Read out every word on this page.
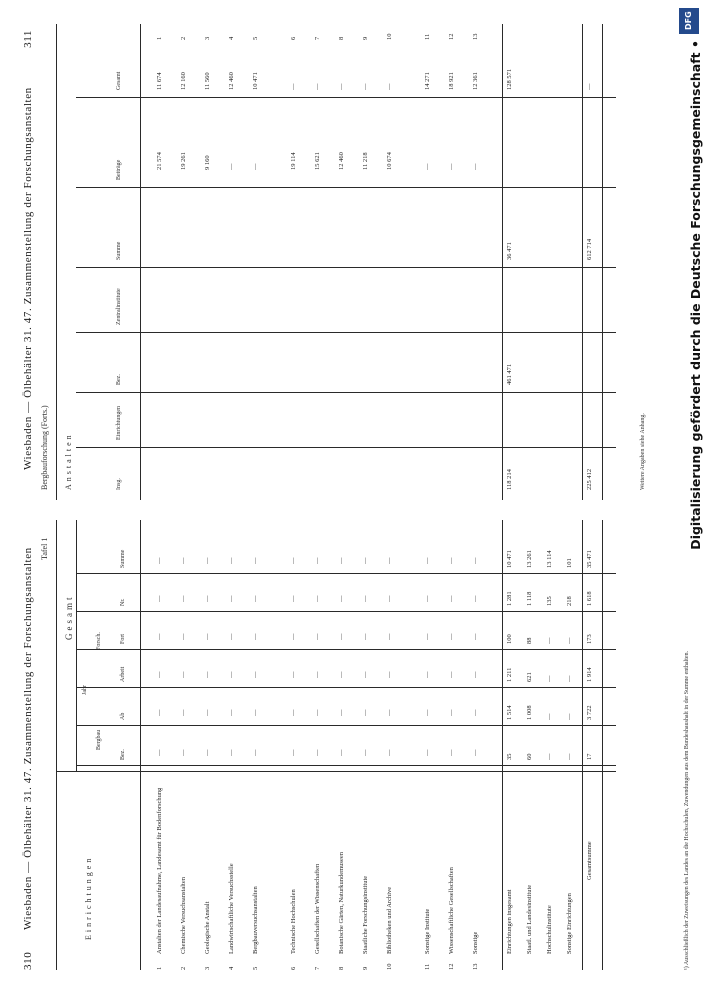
310
Wiesbaden — Ölbehälter 31. 47. Zusammenstellung der Forschungsanstalten Tafel 1
Einrichtungen
Gesamt
Jahr
Bergbau
Forsch.
Bez.
Ab
Arbeit
Fort
Nr.
Summe
1
Anstalten der Landesaufnahme, Landesamt für Bodenforschung
—
—
—
—
—
—
2
Chemische Versuchsanstalten
—
—
—
—
—
—
3
Geologische Anstalt
—
—
—
—
—
—
4
Landwirtschaftliche Versuchsstelle
—
—
—
—
—
—
5
Bergbauversuchsanstalten
—
—
—
—
—
—
6
Technische Hochschulen
—
—
—
—
—
—
7
Gesellschaften der Wissenschaften
—
—
—
—
—
—
8
Botanische Gärten, Naturkundemuseen
—
—
—
—
—
—
9
Staatliche Forschungsinstitute
—
—
—
—
—
—
10
Bibliotheken und Archive
—
—
—
—
—
—
11
Sonstige Institute
—
—
—
—
—
—
12
Wissenschaftliche Gesellschaften
—
—
—
—
—
—
13
Sonstige
—
—
—
—
—
—
Einrichtungen insgesamt
35
1 514
1 211
100
1 281
10 471
Staatl. und Landesinstitute
60
1 008
621
88
1 118
13 261
Hochschulinstitute
—
—
—
—
135
13 114
Sonstige Einrichtungen
—
—
—
—
218
101
Gesamtsumme
17
3 722
1 914
173
1 618
35 471
¹) Ausschließlich der Zuweisungen des Landes an die Hochschulen, Zuwendungen aus dem Bundeshaushalt in der Summe enthalten.
Wiesbaden — Ölbehälter 31. 47. Zusammenstellung der Forschungsanstalten
311
Bergbauforschung (Forts.) Anstalten	Insg.
Einrichtungen
Bez.
Zentralinstitute
Summe
Beiträge
Gesamt
21 574
11 674
1
19 261
12 160
2
9 160
11 560
3
—
12 460
4
—
10 471
5
19 114
—
6
15 621
—
7
12 460
—
8
11 218
—
9
10 674
—
10
—
14 271
11
—
18 921
12
—
12 361
13
118 214
461 471
36 471
128 571
225 412
612 714
—
Weitere Angaben siehe Anhang.
DFG
Digitalisierung gefördert durch die Deutsche Forschungsgemeinschaft •
